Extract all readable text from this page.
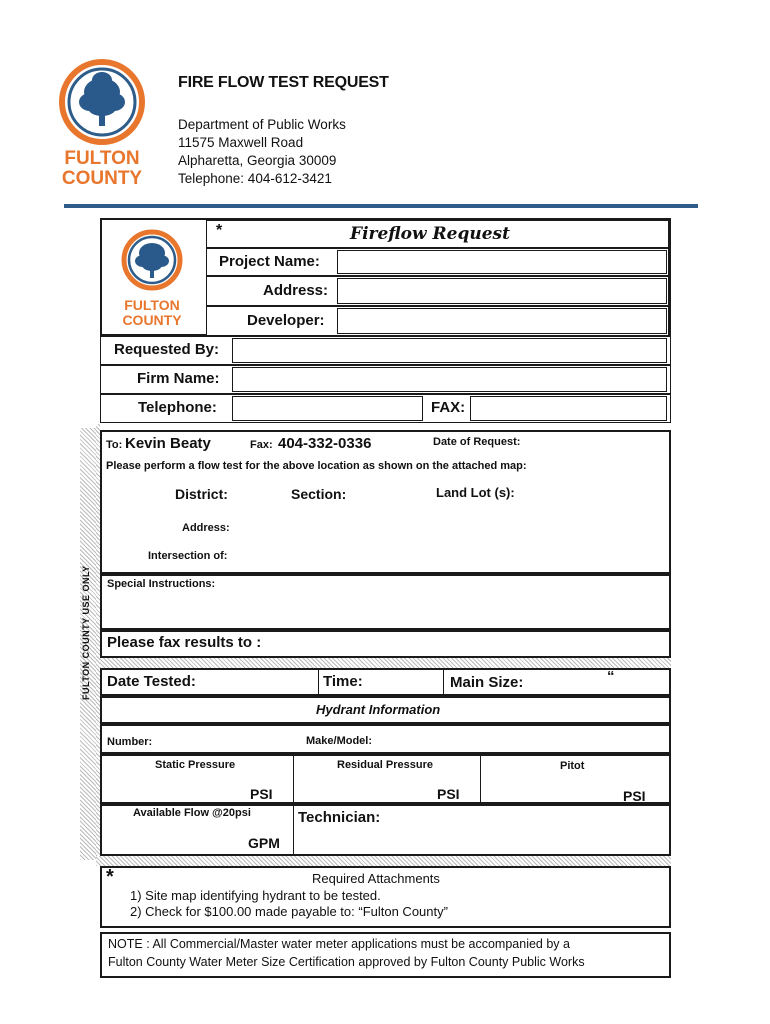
FULTON
COUNTY
FIRE FLOW TEST REQUEST
Department of Public Works
11575 Maxwell Road
Alpharetta, Georgia 30009
Telephone: 404-612-3421
FULTON
COUNTY
*	Fireflow Request
Project Name:
Address:
Developer:
Requested By:
Firm Name:
Telephone:	FAX:
FULTON COUNTY USE ONLY
To: Kevin Beaty	Fax: 404-332-0336	Date of Request:
Please perform a flow test for the above location as shown on the attached map:
District:	Section:	Land Lot (s):
Address:
Intersection of:
Special Instructions:
Please fax results to :
Date Tested:	Time:	Main Size:	“
Hydrant Information
Number:	Make/Model:
Static Pressure	Residual Pressure	Pitot
PSI	PSI	PSI
Available Flow @20psi
GPM
Technician:
*	Required Attachments
1) Site map identifying hydrant to be tested.
2) Check for $100.00 made payable to: “Fulton County”
NOTE : All Commercial/Master water meter applications must be accompanied by a
Fulton County Water Meter Size Certification approved by Fulton County Public Works
